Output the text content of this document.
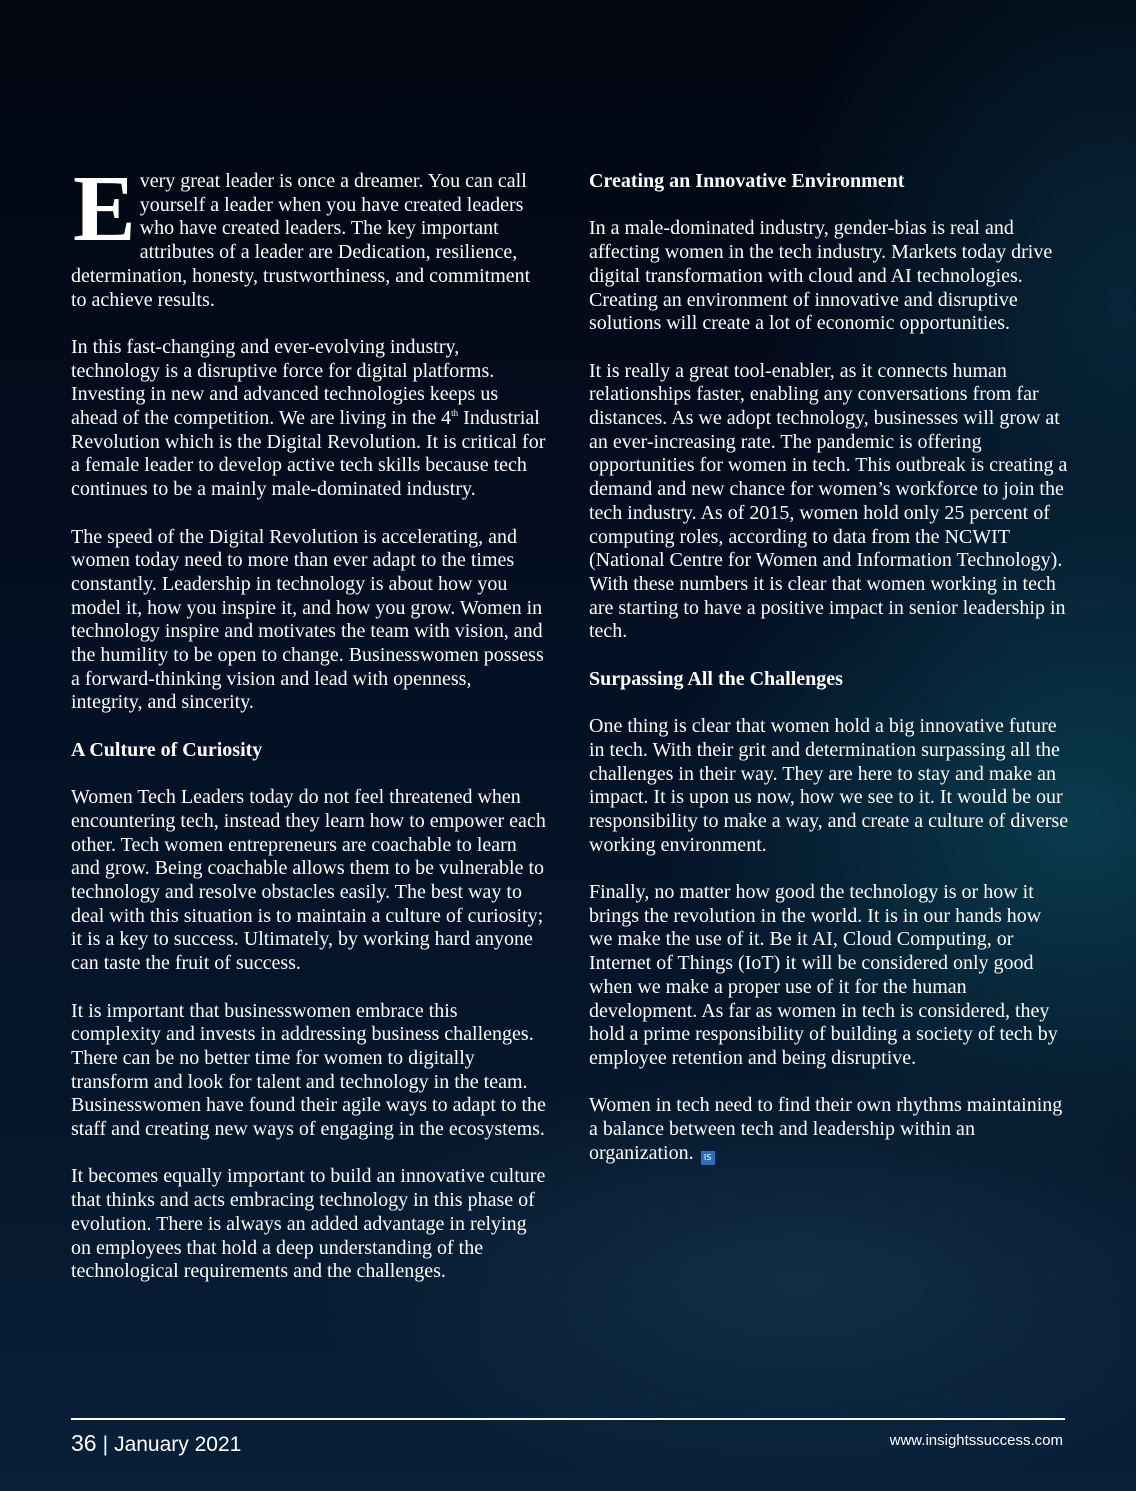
Every great leader is once a dreamer. You can call yourself a leader when you have created leaders who have created leaders. The key important attributes of a leader are Dedication, resilience, determination, honesty, trustworthiness, and commitment to achieve results.

In this fast-changing and ever-evolving industry, technology is a disruptive force for digital platforms. Investing in new and advanced technologies keeps us ahead of the competition. We are living in the 4th Industrial Revolution which is the Digital Revolution. It is critical for a female leader to develop active tech skills because tech continues to be a mainly male-dominated industry.

The speed of the Digital Revolution is accelerating, and women today need to more than ever adapt to the times constantly. Leadership in technology is about how you model it, how you inspire it, and how you grow. Women in technology inspire and motivates the team with vision, and the humility to be open to change. Businesswomen possess a forward-thinking vision and lead with openness, integrity, and sincerity.

A Culture of Curiosity

Women Tech Leaders today do not feel threatened when encountering tech, instead they learn how to empower each other. Tech women entrepreneurs are coachable to learn and grow. Being coachable allows them to be vulnerable to technology and resolve obstacles easily. The best way to deal with this situation is to maintain a culture of curiosity; it is a key to success. Ultimately, by working hard anyone can taste the fruit of success.

It is important that businesswomen embrace this complexity and invests in addressing business challenges. There can be no better time for women to digitally transform and look for talent and technology in the team. Businesswomen have found their agile ways to adapt to the staff and creating new ways of engaging in the ecosystems.

It becomes equally important to build an innovative culture that thinks and acts embracing technology in this phase of evolution. There is always an added advantage in relying on employees that hold a deep understanding of the technological requirements and the challenges.

Creating an Innovative Environment

In a male-dominated industry, gender-bias is real and affecting women in the tech industry. Markets today drive digital transformation with cloud and AI technologies. Creating an environment of innovative and disruptive solutions will create a lot of economic opportunities.

It is really a great tool-enabler, as it connects human relationships faster, enabling any conversations from far distances. As we adopt technology, businesses will grow at an ever-increasing rate. The pandemic is offering opportunities for women in tech. This outbreak is creating a demand and new chance for women’s workforce to join the tech industry. As of 2015, women hold only 25 percent of computing roles, according to data from the NCWIT (National Centre for Women and Information Technology). With these numbers it is clear that women working in tech are starting to have a positive impact in senior leadership in tech.

Surpassing All the Challenges

One thing is clear that women hold a big innovative future in tech. With their grit and determination surpassing all the challenges in their way. They are here to stay and make an impact. It is upon us now, how we see to it. It would be our responsibility to make a way, and create a culture of diverse working environment.

Finally, no matter how good the technology is or how it brings the revolution in the world. It is in our hands how we make the use of it. Be it AI, Cloud Computing, or Internet of Things (IoT) it will be considered only good when we make a proper use of it for the human development. As far as women in tech is considered, they hold a prime responsibility of building a society of tech by employee retention and being disruptive.

Women in tech need to find their own rhythms maintaining a balance between tech and leadership within an organization. IS

36 | January 2021	www.insightssuccess.com
